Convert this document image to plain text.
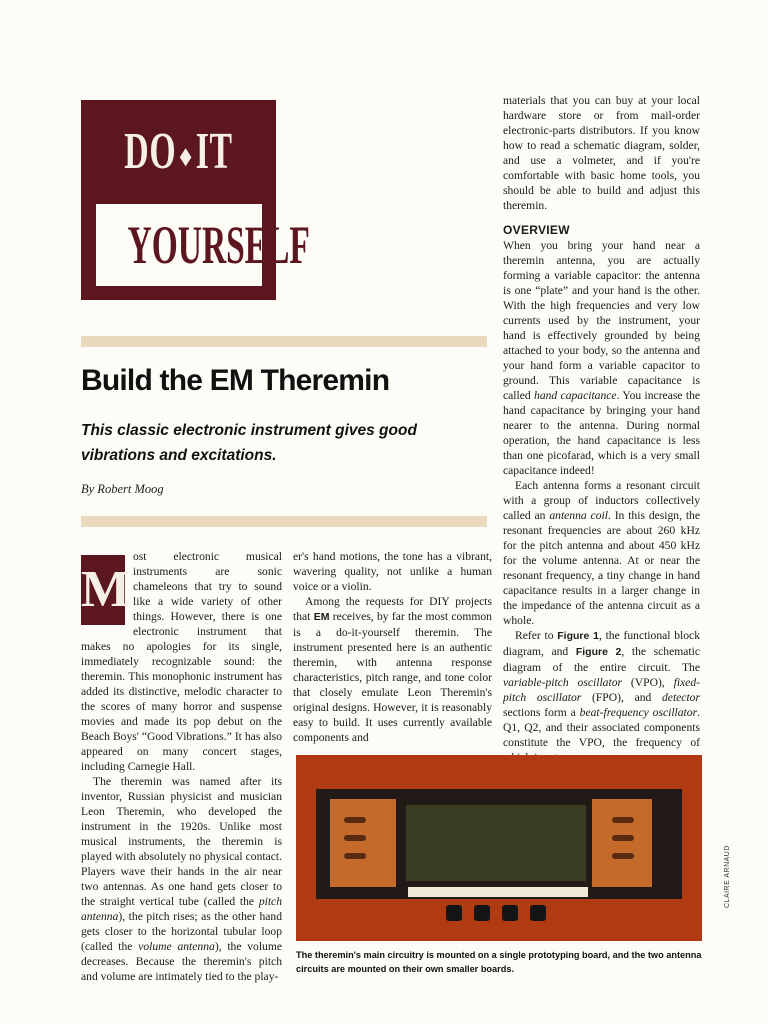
DO ◆IT
YOURSELF
Build the EM Theremin

This classic electronic instrument gives good vibrations and excitations.

By Robert Moog

M
ost electronic musical instruments are sonic chameleons that try to sound like a wide variety of other things. However, there is one electronic instrument that makes no apologies for its single, immediately recognizable sound: the theremin. This monophonic instrument has added its distinctive, melodic character to the scores of many horror and suspense movies and made its pop debut on the Beach Boys' “Good Vibrations.” It has also appeared on many concert stages, including Carnegie Hall.

The theremin was named after its inventor, Russian physicist and musician Leon Theremin, who developed the instrument in the 1920s. Unlike most musical instruments, the theremin is played with absolutely no physical contact. Players wave their hands in the air near two antennas. As one hand gets closer to the straight vertical tube (called the pitch antenna), the pitch rises; as the other hand gets closer to the horizontal tubular loop (called the volume antenna), the volume decreases. Because the theremin's pitch and volume are intimately tied to the play-

er's hand motions, the tone has a vibrant, wavering quality, not unlike a human voice or a violin.

Among the requests for DIY projects that EM receives, by far the most common is a do-it-yourself theremin. The instrument presented here is an authentic theremin, with antenna response characteristics, pitch range, and tone color that closely emulate Leon Theremin's original designs. However, it is reasonably easy to build. It uses currently available components and

materials that you can buy at your local hardware store or from mail-order electronic-parts distributors. If you know how to read a schematic diagram, solder, and use a volmeter, and if you're comfortable with basic home tools, you should be able to build and adjust this theremin.

OVERVIEW

When you bring your hand near a theremin antenna, you are actually forming a variable capacitor: the antenna is one “plate” and your hand is the other. With the high frequencies and very low currents used by the instrument, your hand is effectively grounded by being attached to your body, so the antenna and your hand form a variable capacitor to ground. This variable capacitance is called hand capacitance. You increase the hand capacitance by bringing your hand nearer to the antenna. During normal operation, the hand capacitance is less than one picofarad, which is a very small capacitance indeed!

Each antenna forms a resonant circuit with a group of inductors collectively called an antenna coil. In this design, the resonant frequencies are about 260 kHz for the pitch antenna and about 450 kHz for the volume antenna. At or near the resonant frequency, a tiny change in hand capacitance results in a larger change in the impedance of the antenna circuit as a whole.

Refer to Figure 1, the functional block diagram, and Figure 2, the schematic diagram of the entire circuit. The variable-pitch oscillator (VPO), fixed-pitch oscillator (FPO), and detector sections form a beat-frequency oscillator. Q1, Q2, and their associated components constitute the VPO, the frequency of

CLAIRE ARNAUD

The theremin's main circuitry is mounted on a single prototyping board, and the two antenna circuits are mounted on their own smaller boards.
